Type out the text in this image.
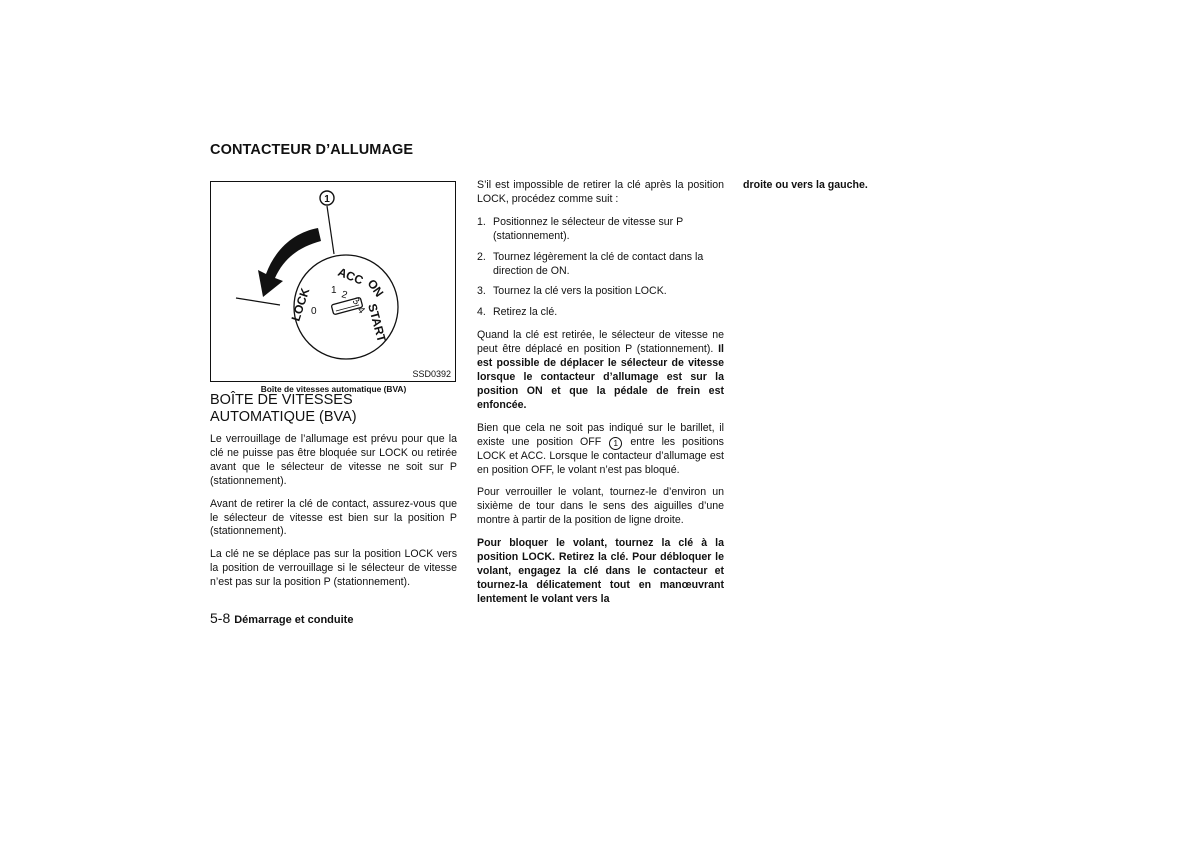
CONTACTEUR D’ALLUMAGE
1
LOCK
0
1 2
3
4
ACC
ON
START
SSD0392
Boîte de vitesses automatique (BVA)
BOÎTE DE VITESSES
AUTOMATIQUE (BVA)

Le verrouillage de l’allumage est prévu pour que la clé ne puisse pas être bloquée sur LOCK ou retirée avant que le sélecteur de vitesse ne soit sur P (stationnement).

Avant de retirer la clé de contact, assurez-vous que le sélecteur de vitesse est bien sur la position P (stationnement).

La clé ne se déplace pas sur la position LOCK vers la position de verrouillage si le sélecteur de vitesse n’est pas sur la position P (stationnement).

S’il est impossible de retirer la clé après la position LOCK, procédez comme suit :

1. Positionnez le sélecteur de vitesse sur P (stationnement).
2. Tournez légèrement la clé de contact dans la direction de ON.
3. Tournez la clé vers la position LOCK.
4. Retirez la clé.

Quand la clé est retirée, le sélecteur de vitesse ne peut être déplacé en position P (stationnement). Il est possible de déplacer le sélecteur de vitesse lorsque le contacteur d’allumage est sur la position ON et que la pédale de frein est enfoncée.

Bien que cela ne soit pas indiqué sur le barillet, il existe une position OFF 1 entre les positions LOCK et ACC. Lorsque le contacteur d’allumage est en position OFF, le volant n’est pas bloqué.

Pour verrouiller le volant, tournez-le d’environ un sixième de tour dans le sens des aiguilles d’une montre à partir de la position de ligne droite.

Pour bloquer le volant, tournez la clé à la position LOCK. Retirez la clé. Pour débloquer le volant, engagez la clé dans le contacteur et tournez-la délicatement tout en manœuvrant lentement le volant vers la

droite ou vers la gauche.
5-8 Démarrage et conduite
